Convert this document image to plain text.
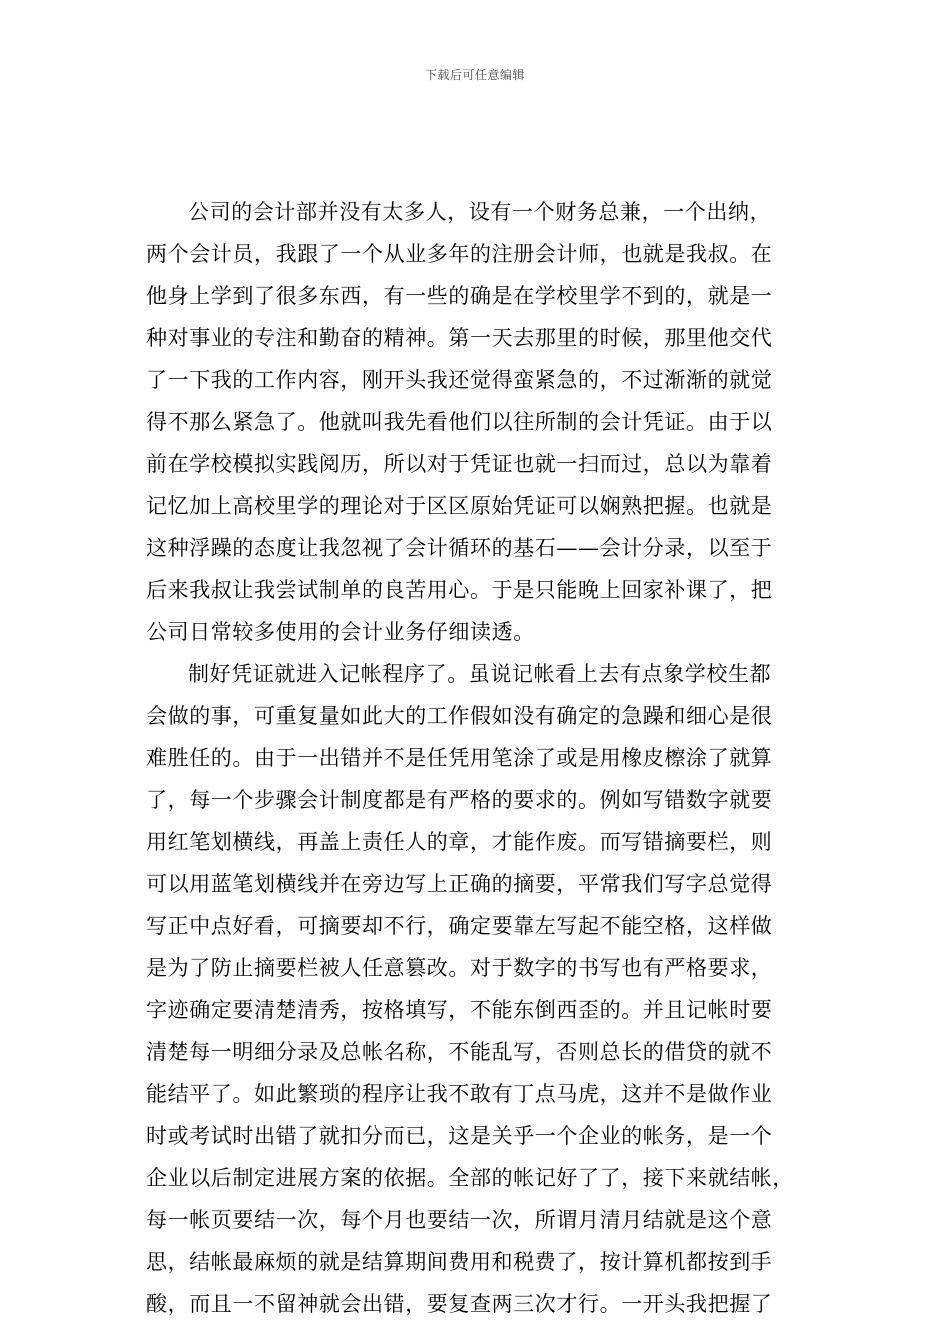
下载后可任意编辑
公司的会计部并没有太多人，设有一个财务总兼，一个出纳，
两个会计员，我跟了一个从业多年的注册会计师，也就是我叔。在
他身上学到了很多东西，有一些的确是在学校里学不到的，就是一
种对事业的专注和勤奋的精神。第一天去那里的时候，那里他交代
了一下我的工作内容，刚开头我还觉得蛮紧急的，不过渐渐的就觉
得不那么紧急了。他就叫我先看他们以往所制的会计凭证。由于以
前在学校模拟实践阅历，所以对于凭证也就一扫而过，总以为靠着
记忆加上高校里学的理论对于区区原始凭证可以娴熟把握。也就是
这种浮躁的态度让我忽视了会计循环的基石——会计分录，以至于
后来我叔让我尝试制单的良苦用心。于是只能晚上回家补课了，把
公司日常较多使用的会计业务仔细读透。
制好凭证就进入记帐程序了。虽说记帐看上去有点象学校生都
会做的事，可重复量如此大的工作假如没有确定的急躁和细心是很
难胜任的。由于一出错并不是任凭用笔涂了或是用橡皮檫涂了就算
了，每一个步骤会计制度都是有严格的要求的。例如写错数字就要
用红笔划横线，再盖上责任人的章，才能作废。而写错摘要栏，则
可以用蓝笔划横线并在旁边写上正确的摘要，平常我们写字总觉得
写正中点好看，可摘要却不行，确定要靠左写起不能空格，这样做
是为了防止摘要栏被人任意篡改。对于数字的书写也有严格要求，
字迹确定要清楚清秀，按格填写，不能东倒西歪的。并且记帐时要
清楚每一明细分录及总帐名称，不能乱写，否则总长的借贷的就不
能结平了。如此繁琐的程序让我不敢有丁点马虎，这并不是做作业
时或考试时出错了就扣分而已，这是关乎一个企业的帐务，是一个
企业以后制定进展方案的依据。全部的帐记好了了，接下来就结帐，
每一帐页要结一次，每个月也要结一次，所谓月清月结就是这个意
思，结帐最麻烦的就是结算期间费用和税费了，按计算机都按到手
酸，而且一不留神就会出错，要复查两三次才行。一开头我把握了
